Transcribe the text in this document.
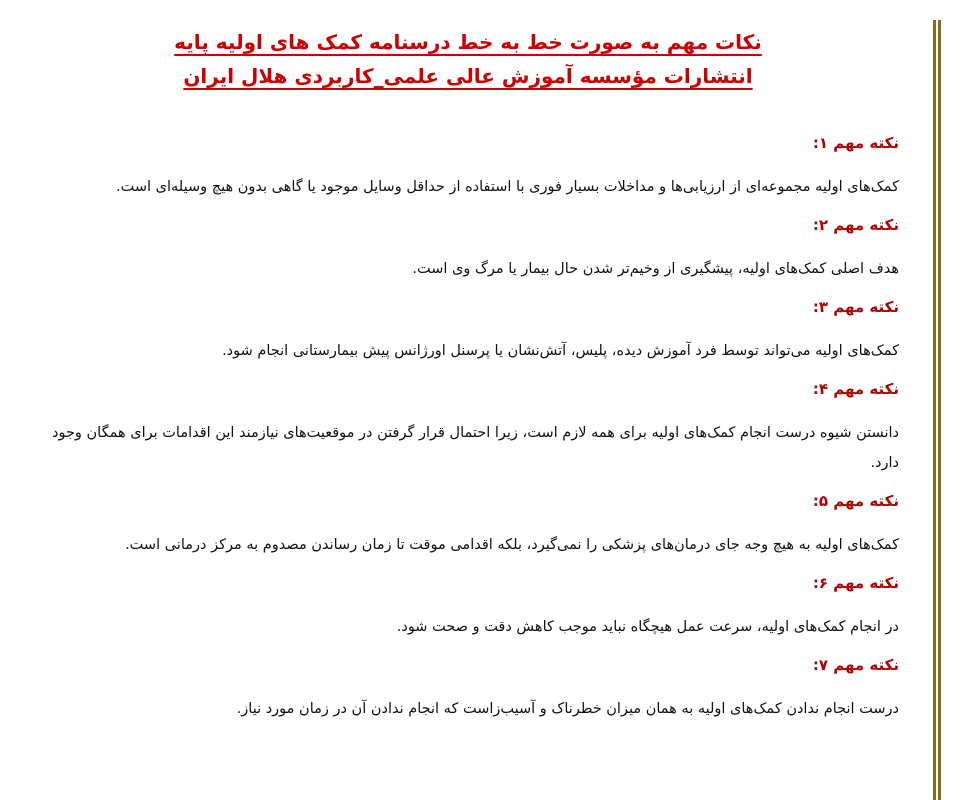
نکات مهم به صورت خط به خط درسنامه کمک های اولیه پایه
انتشارات مؤسسه آموزش عالی علمی_کاربردی هلال ایران

نکته مهم ۱:

کمک‌های اولیه مجموعه‌ای از ارزیابی‌ها و مداخلات بسیار فوری با استفاده از حداقل وسایل موجود یا گاهی بدون هیچ وسیله‌ای است.

نکته مهم ۲:

هدف اصلی کمک‌های اولیه، پیشگیری از وخیم‌تر شدن حال بیمار یا مرگ وی است.

نکته مهم ۳:

کمک‌های اولیه می‌تواند توسط فرد آموزش دیده، پلیس، آتش‌نشان یا پرسنل اورژانس پیش بیمارستانی انجام شود.

نکته مهم ۴:

دانستن شیوه درست انجام کمک‌های اولیه برای همه لازم است، زیرا احتمال قرار گرفتن در موقعیت‌های نیازمند این اقدامات برای همگان وجود دارد.

نکته مهم ۵:

کمک‌های اولیه به هیچ وجه جای درمان‌های پزشکی را نمی‌گیرد، بلکه اقدامی موقت تا زمان رساندن مصدوم به مرکز درمانی است.

نکته مهم ۶:

در انجام کمک‌های اولیه، سرعت عمل هیچگاه نباید موجب کاهش دقت و صحت شود.

نکته مهم ۷:

درست انجام ندادن کمک‌های اولیه به همان میزان خطرناک و آسیب‌زاست که انجام ندادن آن در زمان مورد نیاز.
